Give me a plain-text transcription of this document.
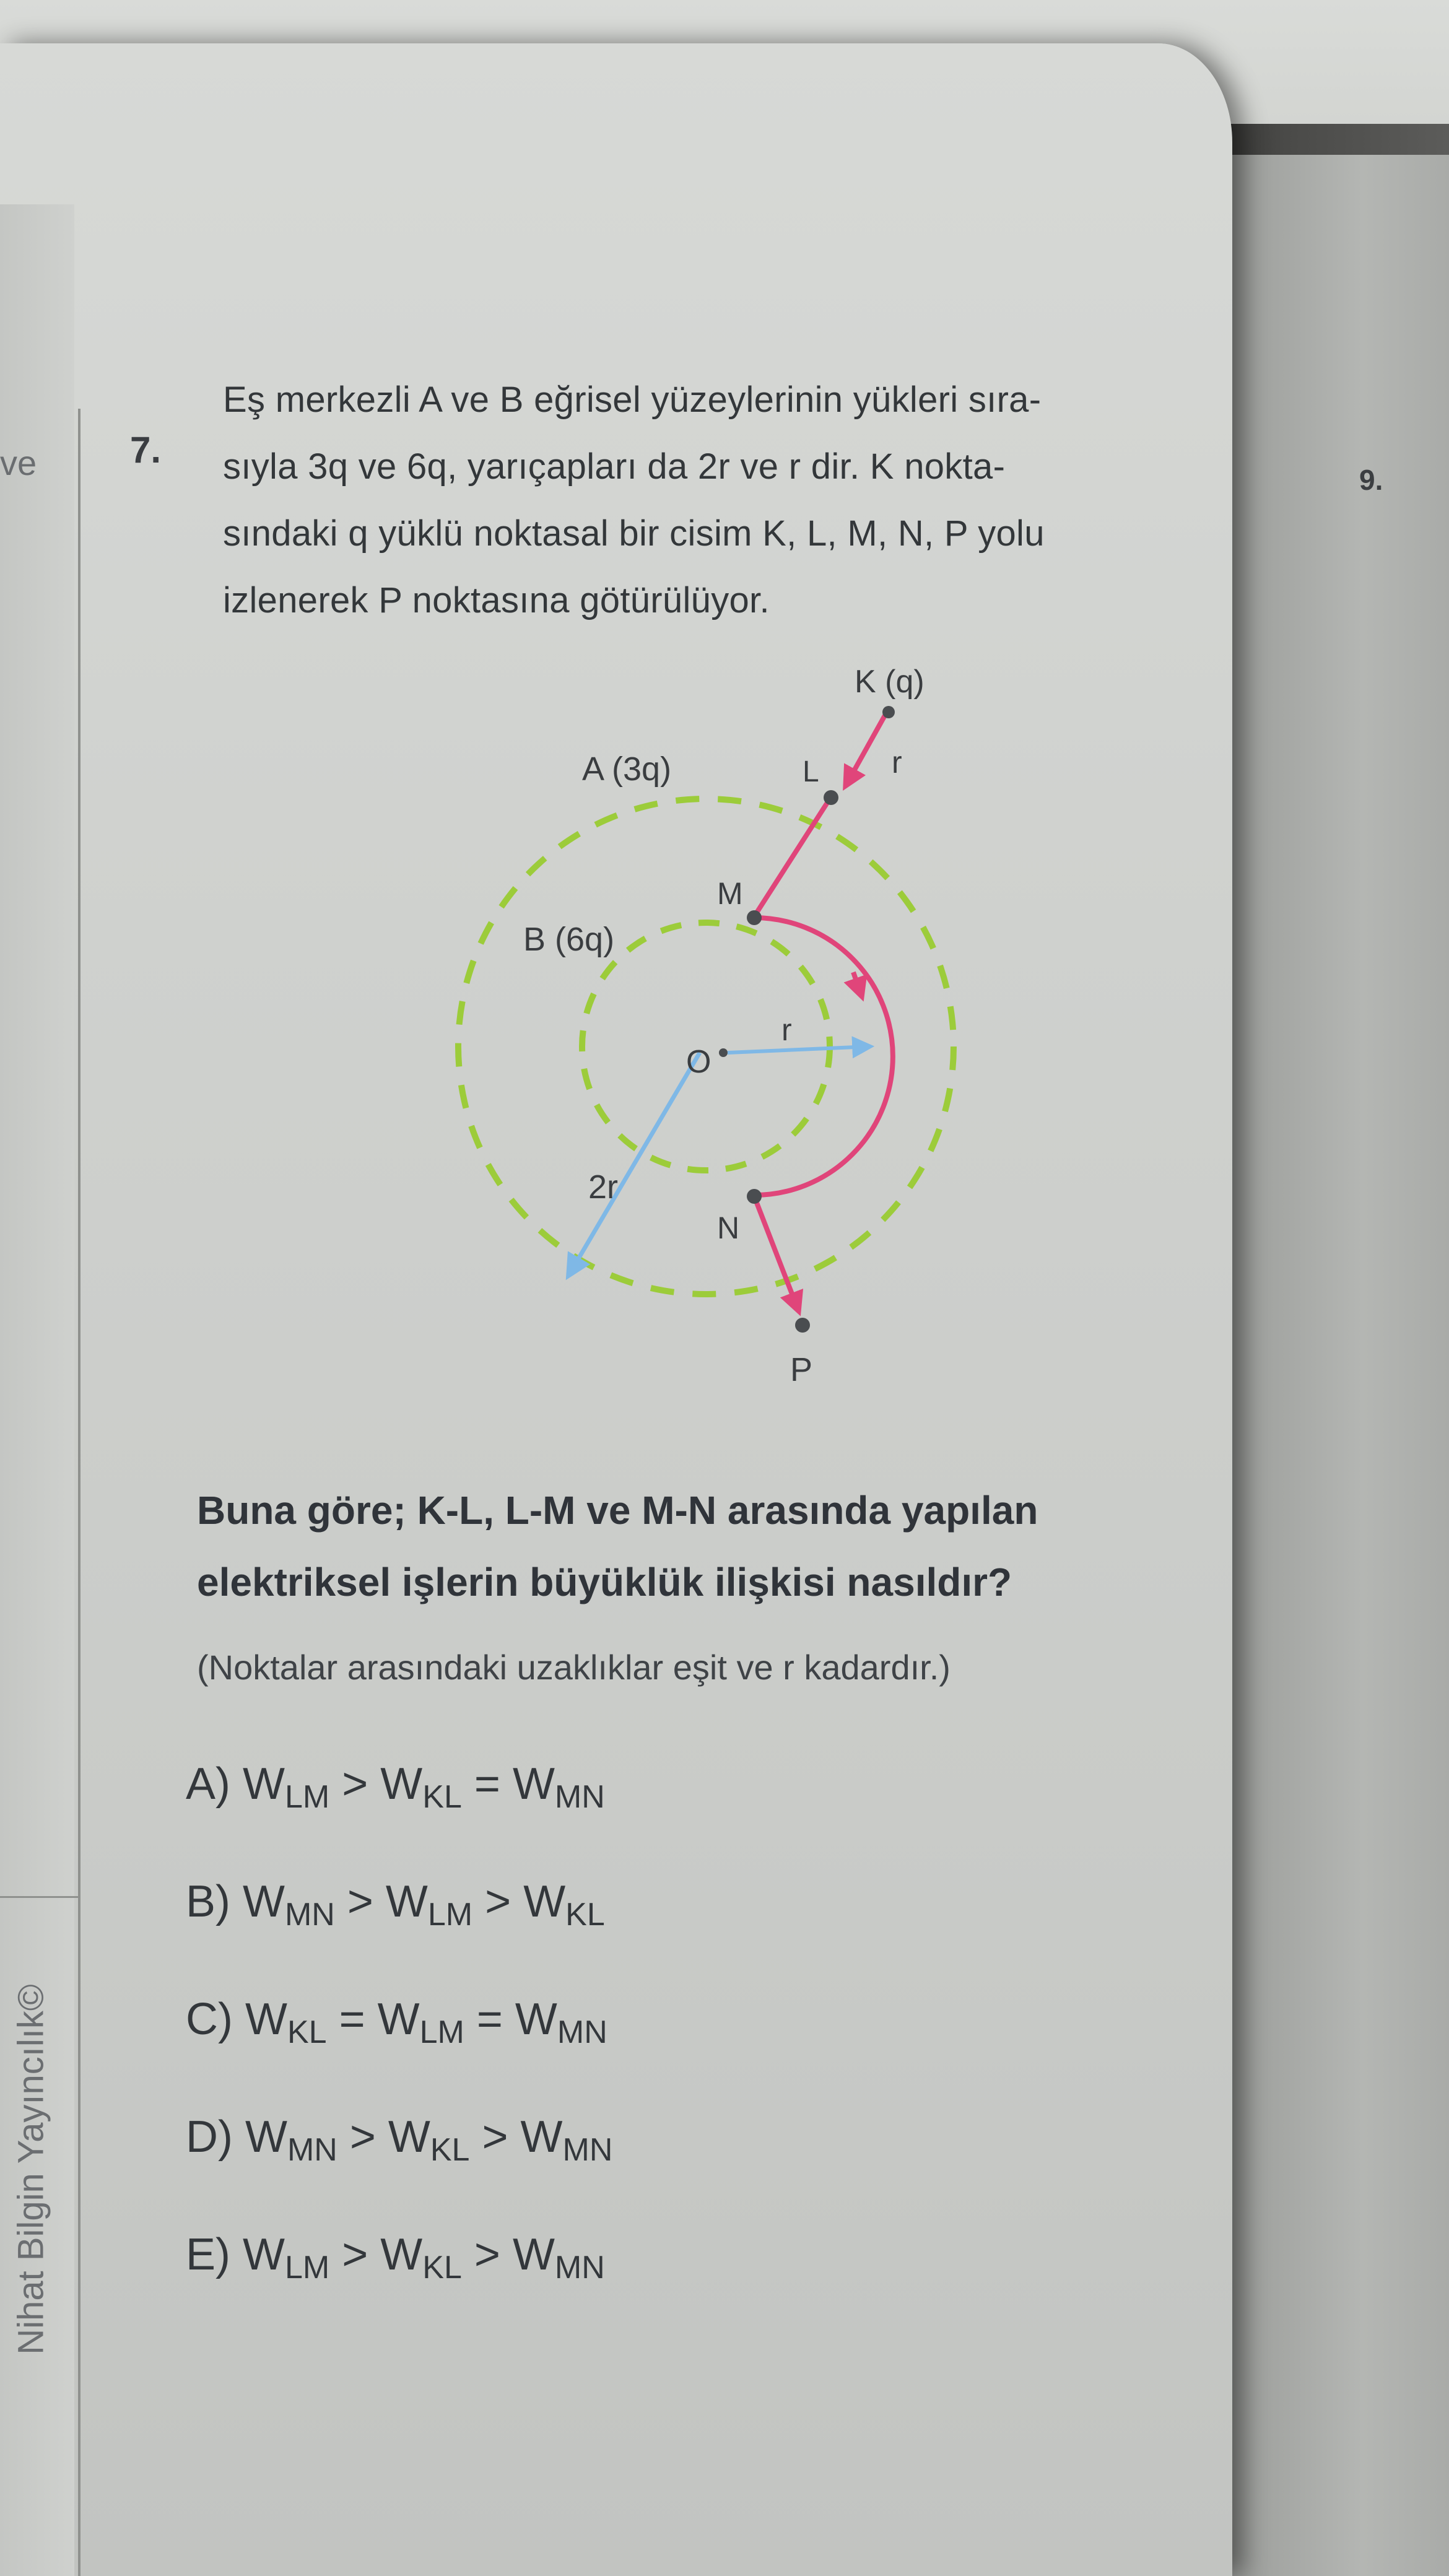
ve
Nihat Bilgin Yayıncılık©
9.
7.
Eş merkezli A ve B eğrisel yüzeylerinin yükleri sıra-
sıyla 3q ve 6q, yarıçapları da 2r ve r dir. K nokta-
sındaki q yüklü noktasal bir cisim K, L, M, N, P yolu
izlenerek P noktasına götürülüyor.
K (q)
r
A (3q)	L
M
B (6q)
O
r
2r
N
P
Buna göre; K-L, L-M ve M-N arasında yapılan
elektriksel işlerin büyüklük ilişkisi nasıldır?
(Noktalar arasındaki uzaklıklar eşit ve r kadardır.)
A) $W_{LM} > W_{KL} = W_{MN}$
B) $W_{MN} > W_{LM} > W_{KL}$
C) $W_{KL} = W_{LM} = W_{MN}$
D) $W_{MN} > W_{KL} > W_{MN}$
E) $W_{LM} > W_{KL} > W_{MN}$
